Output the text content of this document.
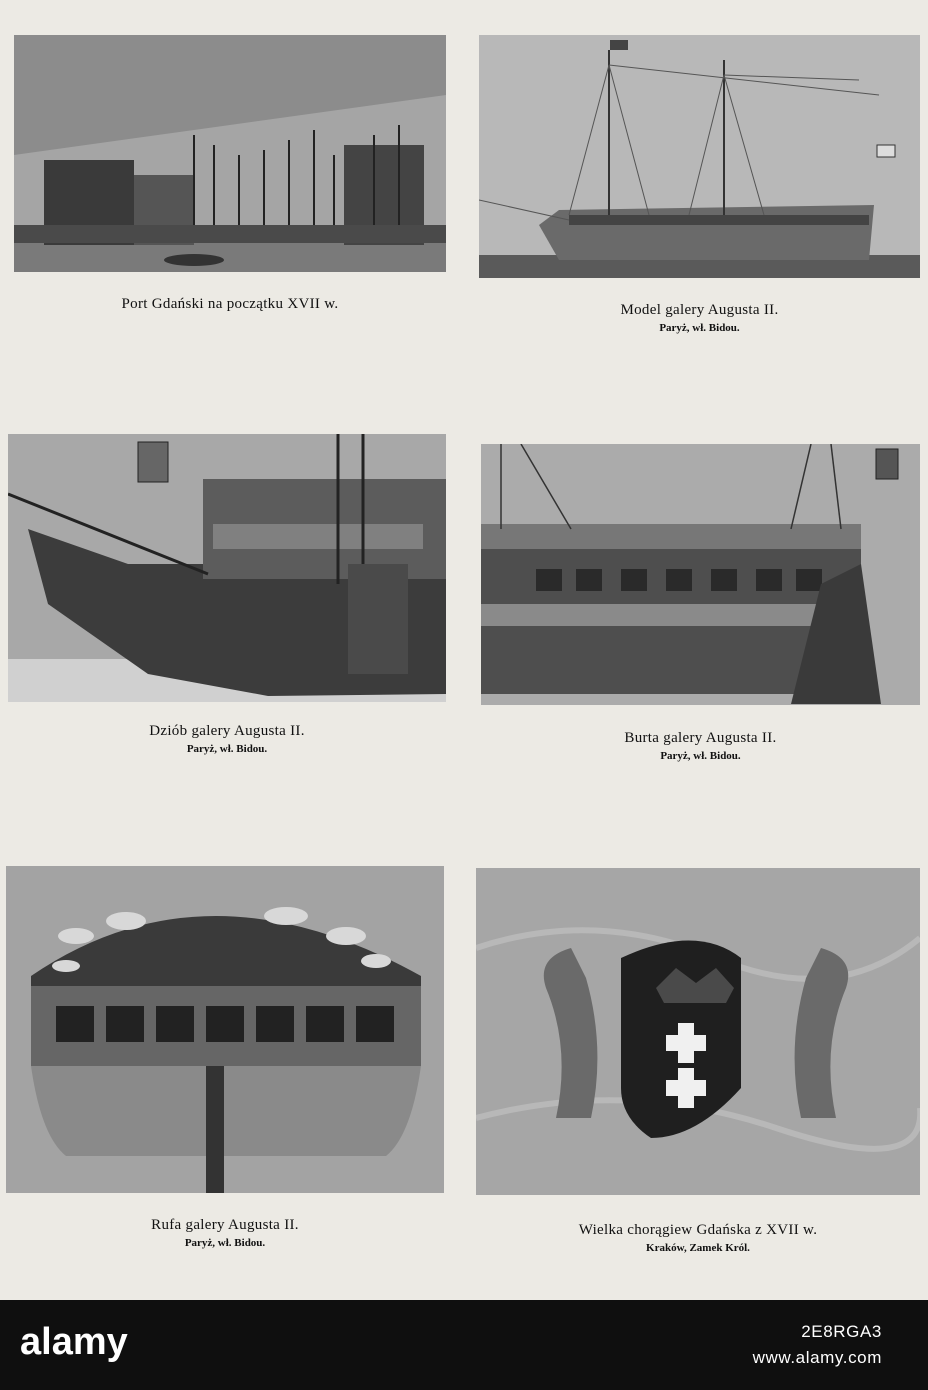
Port Gdański na początku XVII w.	Model galery Augusta II.
Paryż, wł. Bidou.
Dziób galery Augusta II.
Paryż, wł. Bidou.
Burta galery Augusta II.
Paryż, wł. Bidou.
Rufa galery Augusta II.
Paryż, wł. Bidou.
Wielka chorągiew Gdańska z XVII w.
Kraków, Zamek Król.
alamy	2E8RGA3
www.alamy.com
